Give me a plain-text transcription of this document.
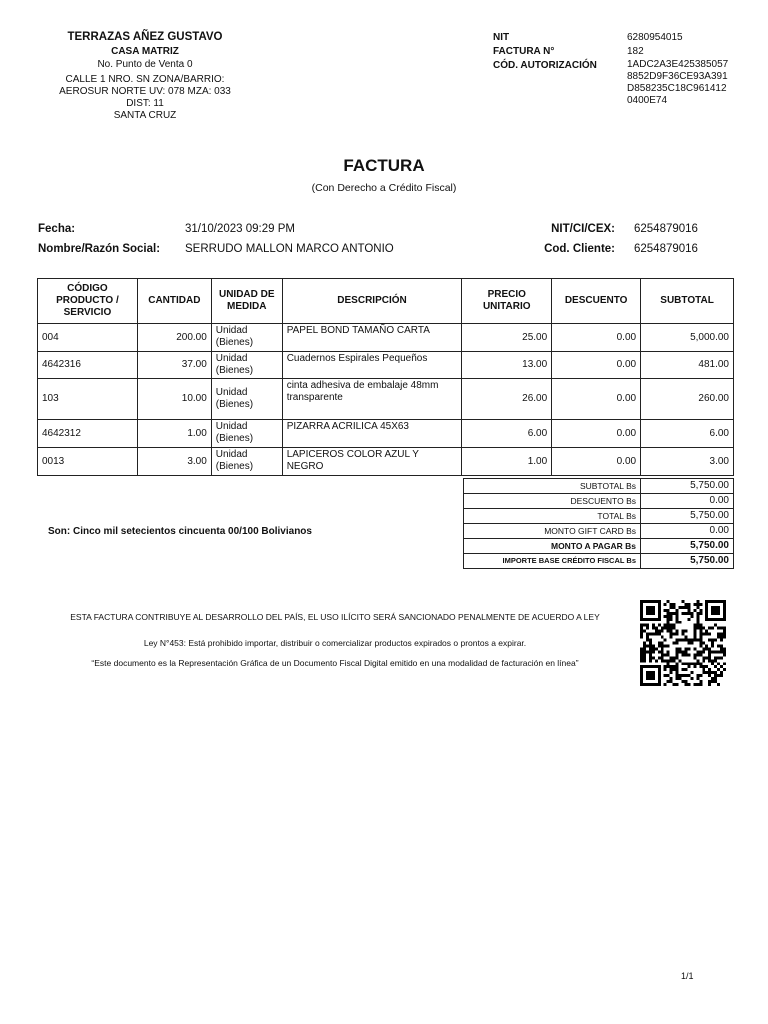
TERRAZAS AÑEZ GUSTAVO
CASA MATRIZ
No. Punto de Venta 0
CALLE 1 NRO. SN ZONA/BARRIO:
AEROSUR NORTE UV: 078 MZA: 033
DIST: 11
SANTA CRUZ
NIT	6280954015
FACTURA N°	182
CÓD. AUTORIZACIÓN	1ADC2A3E425385057
8852D9F36CE93A391
D858235C18C961412
0400E74
FACTURA
(Con Derecho a Crédito Fiscal)
Fecha:	31/10/2023 09:29 PM
Nombre/Razón Social: SERRUDO MALLON MARCO ANTONIO
NIT/CI/CEX: 6254879016
Cod. Cliente: 6254879016
CÓDIGO PRODUCTO / SERVICIO	CANTIDAD	UNIDAD DE MEDIDA	DESCRIPCIÓN	PRECIO UNITARIO	DESCUENTO	SUBTOTAL
004	200.00	Unidad (Bienes)	PAPEL BOND TAMAÑO CARTA	25.00	0.00	5,000.00
4642316	37.00	Unidad (Bienes)	Cuadernos Espirales Pequeños	13.00	0.00	481.00
103	10.00	Unidad (Bienes)	cinta adhesiva de embalaje 48mm transparente	26.00	0.00	260.00
4642312	1.00	Unidad (Bienes)	PIZARRA ACRILICA 45X63	6.00	0.00	6.00
0013	3.00	Unidad (Bienes)	LAPICEROS COLOR AZUL Y NEGRO	1.00	0.00	3.00
SUBTOTAL Bs	5,750.00
DESCUENTO Bs	0.00
TOTAL Bs	5,750.00
MONTO GIFT CARD Bs	0.00
MONTO A PAGAR Bs	5,750.00
IMPORTE BASE CRÉDITO FISCAL Bs	5,750.00
Son: Cinco mil setecientos cincuenta 00/100 Bolivianos
ESTA FACTURA CONTRIBUYE AL DESARROLLO DEL PAÍS, EL USO ILÍCITO SERÁ SANCIONADO PENALMENTE DE ACUERDO A LEY
Ley N°453: Está prohibido importar, distribuir o comercializar productos expirados o prontos a expirar.
“Este documento es la Representación Gráfica de un Documento Fiscal Digital emitido en una modalidad de facturación en línea”
1/1
